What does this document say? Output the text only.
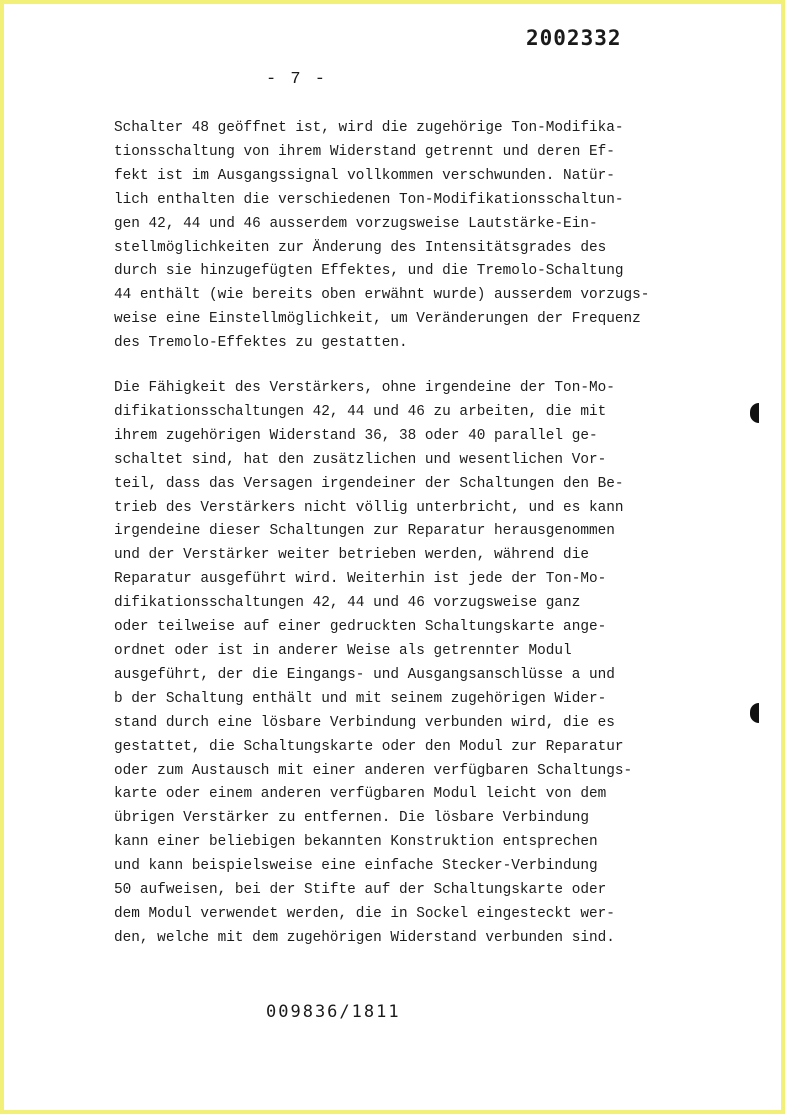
2002332
- 7 -
Schalter 48 geöffnet ist, wird die zugehörige Ton-Modifika-
tionsschaltung von ihrem Widerstand getrennt und deren Ef-
fekt ist im Ausgangssignal vollkommen verschwunden. Natür-
lich enthalten die verschiedenen Ton-Modifikationsschaltun-
gen 42, 44 und 46 ausserdem vorzugsweise Lautstärke-Ein-
stellmöglichkeiten zur Änderung des Intensitätsgrades des
durch sie hinzugefügten Effektes, und die Tremolo-Schaltung
44 enthält (wie bereits oben erwähnt wurde) ausserdem vorzugs-
weise eine Einstellmöglichkeit, um Veränderungen der Frequenz
des Tremolo-Effektes zu gestatten.
Die Fähigkeit des Verstärkers, ohne irgendeine der Ton-Mo-
difikationsschaltungen 42, 44 und 46 zu arbeiten, die mit
ihrem zugehörigen Widerstand 36, 38 oder 40 parallel ge-
schaltet sind, hat den zusätzlichen und wesentlichen Vor-
teil, dass das Versagen irgendeiner der Schaltungen den Be-
trieb des Verstärkers nicht völlig unterbricht, und es kann
irgendeine dieser Schaltungen zur Reparatur herausgenommen
und der Verstärker weiter betrieben werden, während die
Reparatur ausgeführt wird. Weiterhin ist jede der Ton-Mo-
difikationsschaltungen 42, 44 und 46 vorzugsweise ganz
oder teilweise auf einer gedruckten Schaltungskarte ange-
ordnet oder ist in anderer Weise als getrennter Modul
ausgeführt, der die Eingangs- und Ausgangsanschlüsse a und
b der Schaltung enthält und mit seinem zugehörigen Wider-
stand durch eine lösbare Verbindung verbunden wird, die es
gestattet, die Schaltungskarte oder den Modul zur Reparatur
oder zum Austausch mit einer anderen verfügbaren Schaltungs-
karte oder einem anderen verfügbaren Modul leicht von dem
übrigen Verstärker zu entfernen. Die lösbare Verbindung
kann einer beliebigen bekannten Konstruktion entsprechen
und kann beispielsweise eine einfache Stecker-Verbindung
50 aufweisen, bei der Stifte auf der Schaltungskarte oder
dem Modul verwendet werden, die in Sockel eingesteckt wer-
den, welche mit dem zugehörigen Widerstand verbunden sind.
009836/1811
